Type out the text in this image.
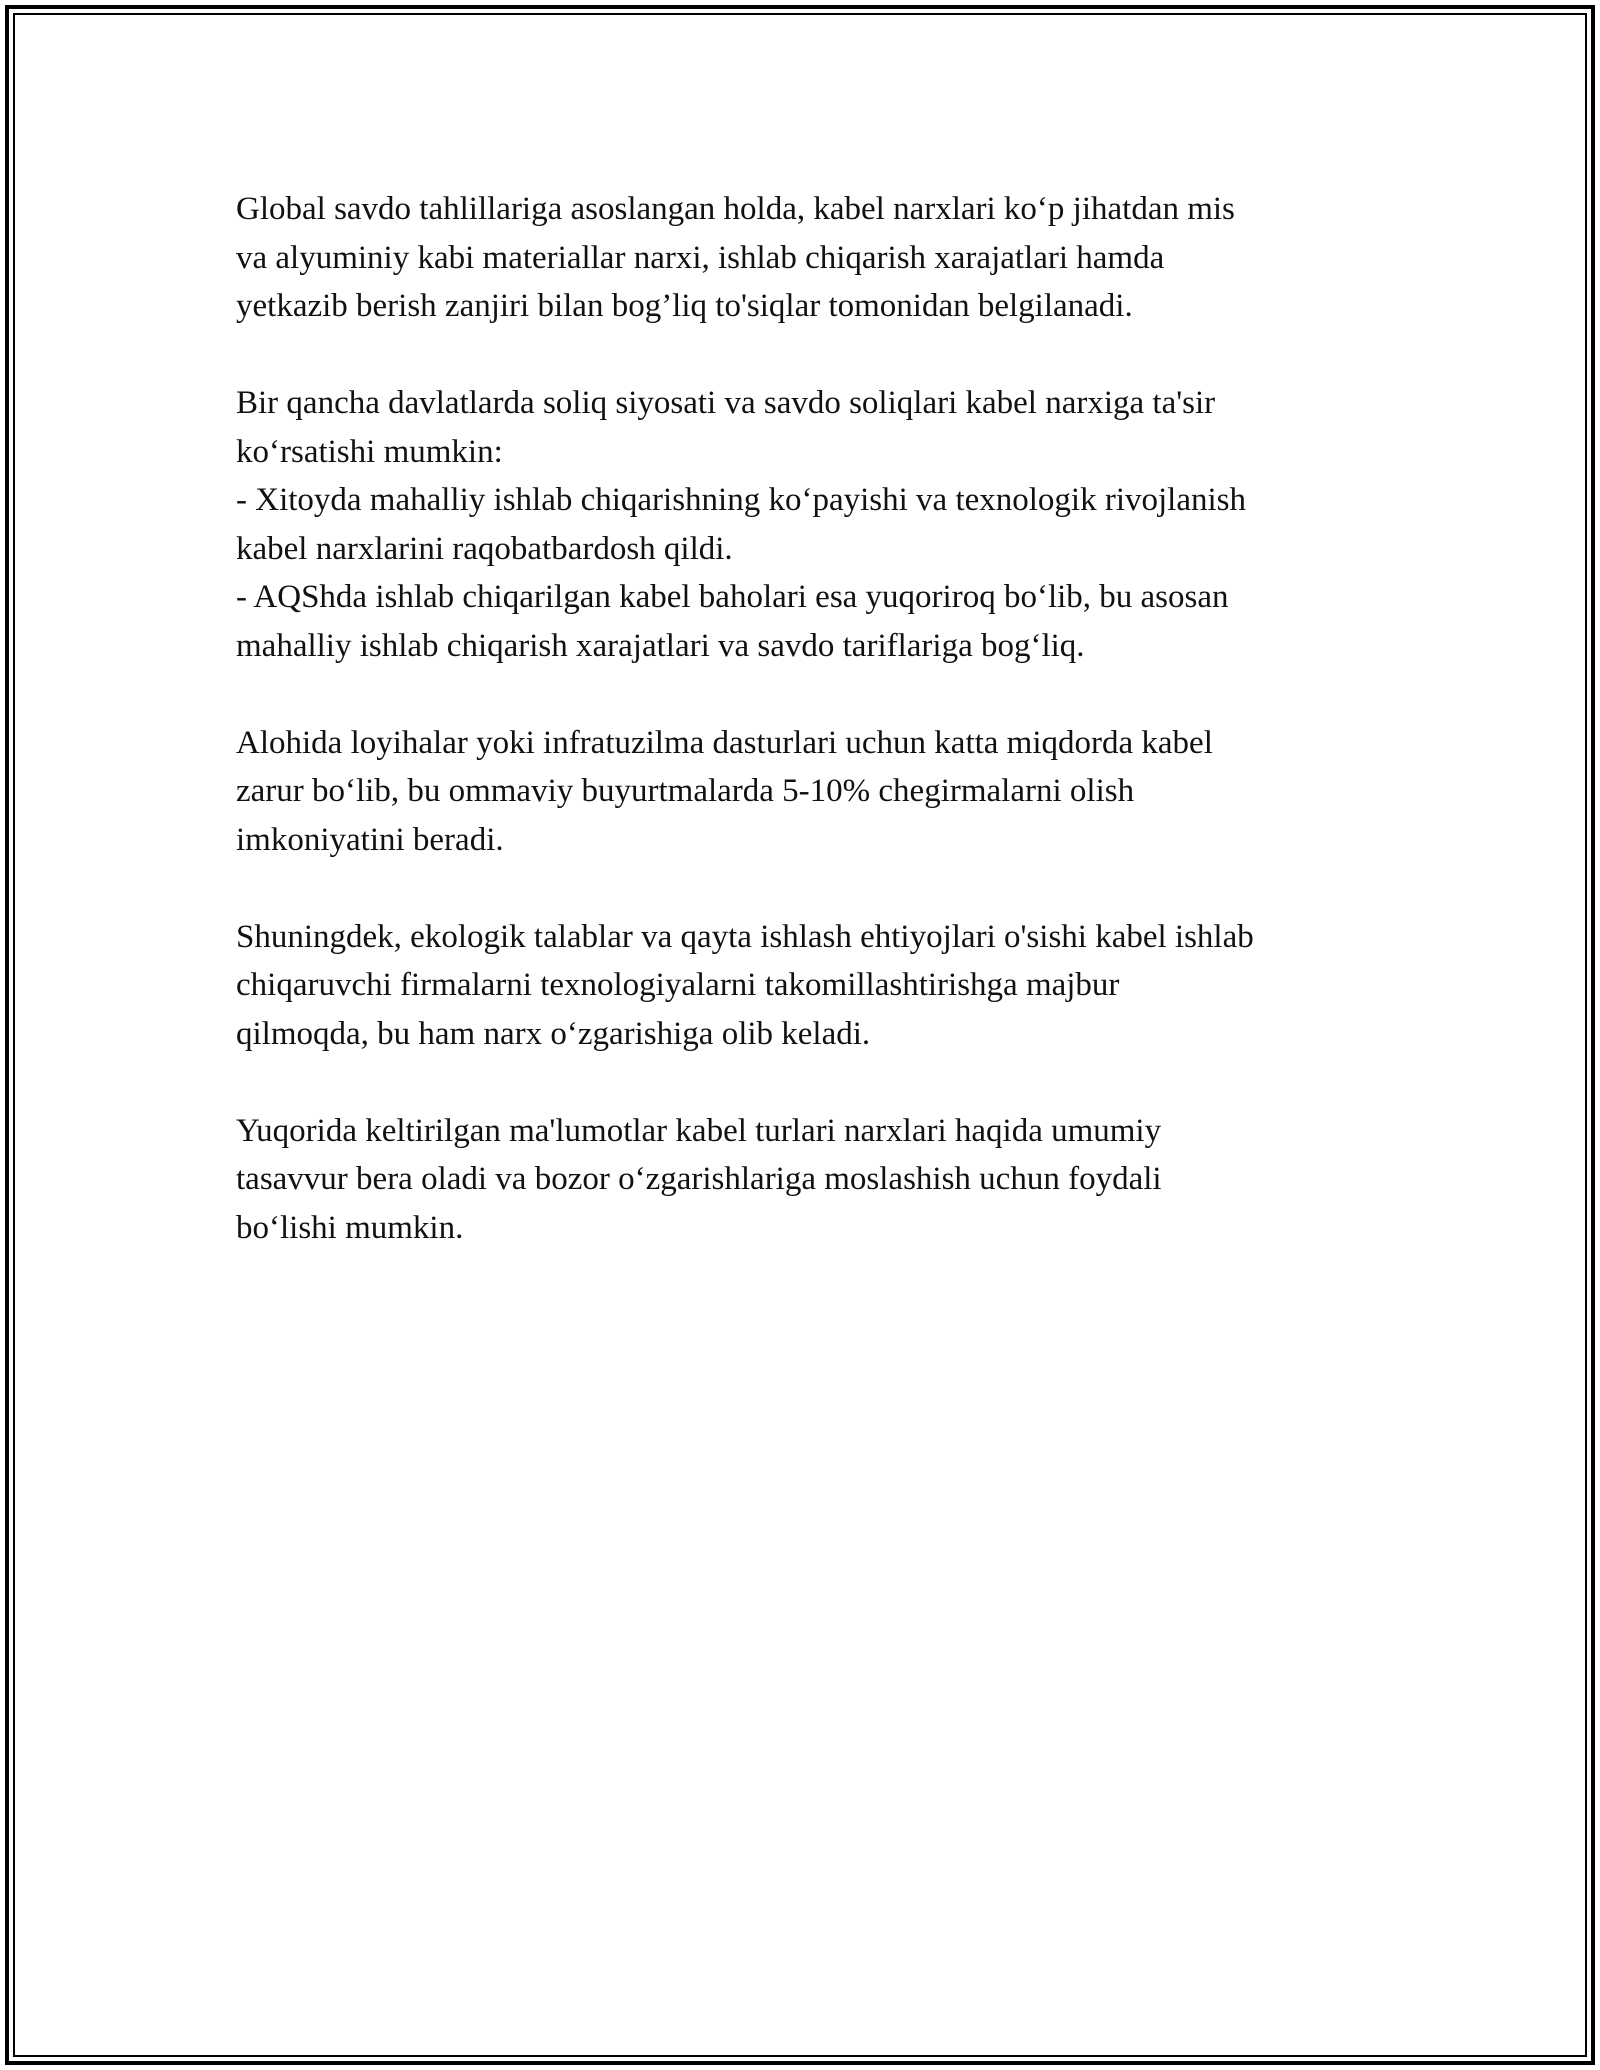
Global savdo tahlillariga asoslangan holda, kabel narxlari ko‘p jihatdan mis
va alyuminiy kabi materiallar narxi, ishlab chiqarish xarajatlari hamda
yetkazib berish zanjiri bilan bog’liq to'siqlar tomonidan belgilanadi.

Bir qancha davlatlarda soliq siyosati va savdo soliqlari kabel narxiga ta'sir
ko‘rsatishi mumkin:
- Xitoyda mahalliy ishlab chiqarishning ko‘payishi va texnologik rivojlanish
kabel narxlarini raqobatbardosh qildi.
- AQShda ishlab chiqarilgan kabel baholari esa yuqoriroq bo‘lib, bu asosan
mahalliy ishlab chiqarish xarajatlari va savdo tariflariga bog‘liq.

Alohida loyihalar yoki infratuzilma dasturlari uchun katta miqdorda kabel
zarur bo‘lib, bu ommaviy buyurtmalarda 5-10% chegirmalarni olish
imkoniyatini beradi.

Shuningdek, ekologik talablar va qayta ishlash ehtiyojlari o'sishi kabel ishlab
chiqaruvchi firmalarni texnologiyalarni takomillashtirishga majbur
qilmoqda, bu ham narx o‘zgarishiga olib keladi.

Yuqorida keltirilgan ma'lumotlar kabel turlari narxlari haqida umumiy
tasavvur bera oladi va bozor o‘zgarishlariga moslashish uchun foydali
bo‘lishi mumkin.
